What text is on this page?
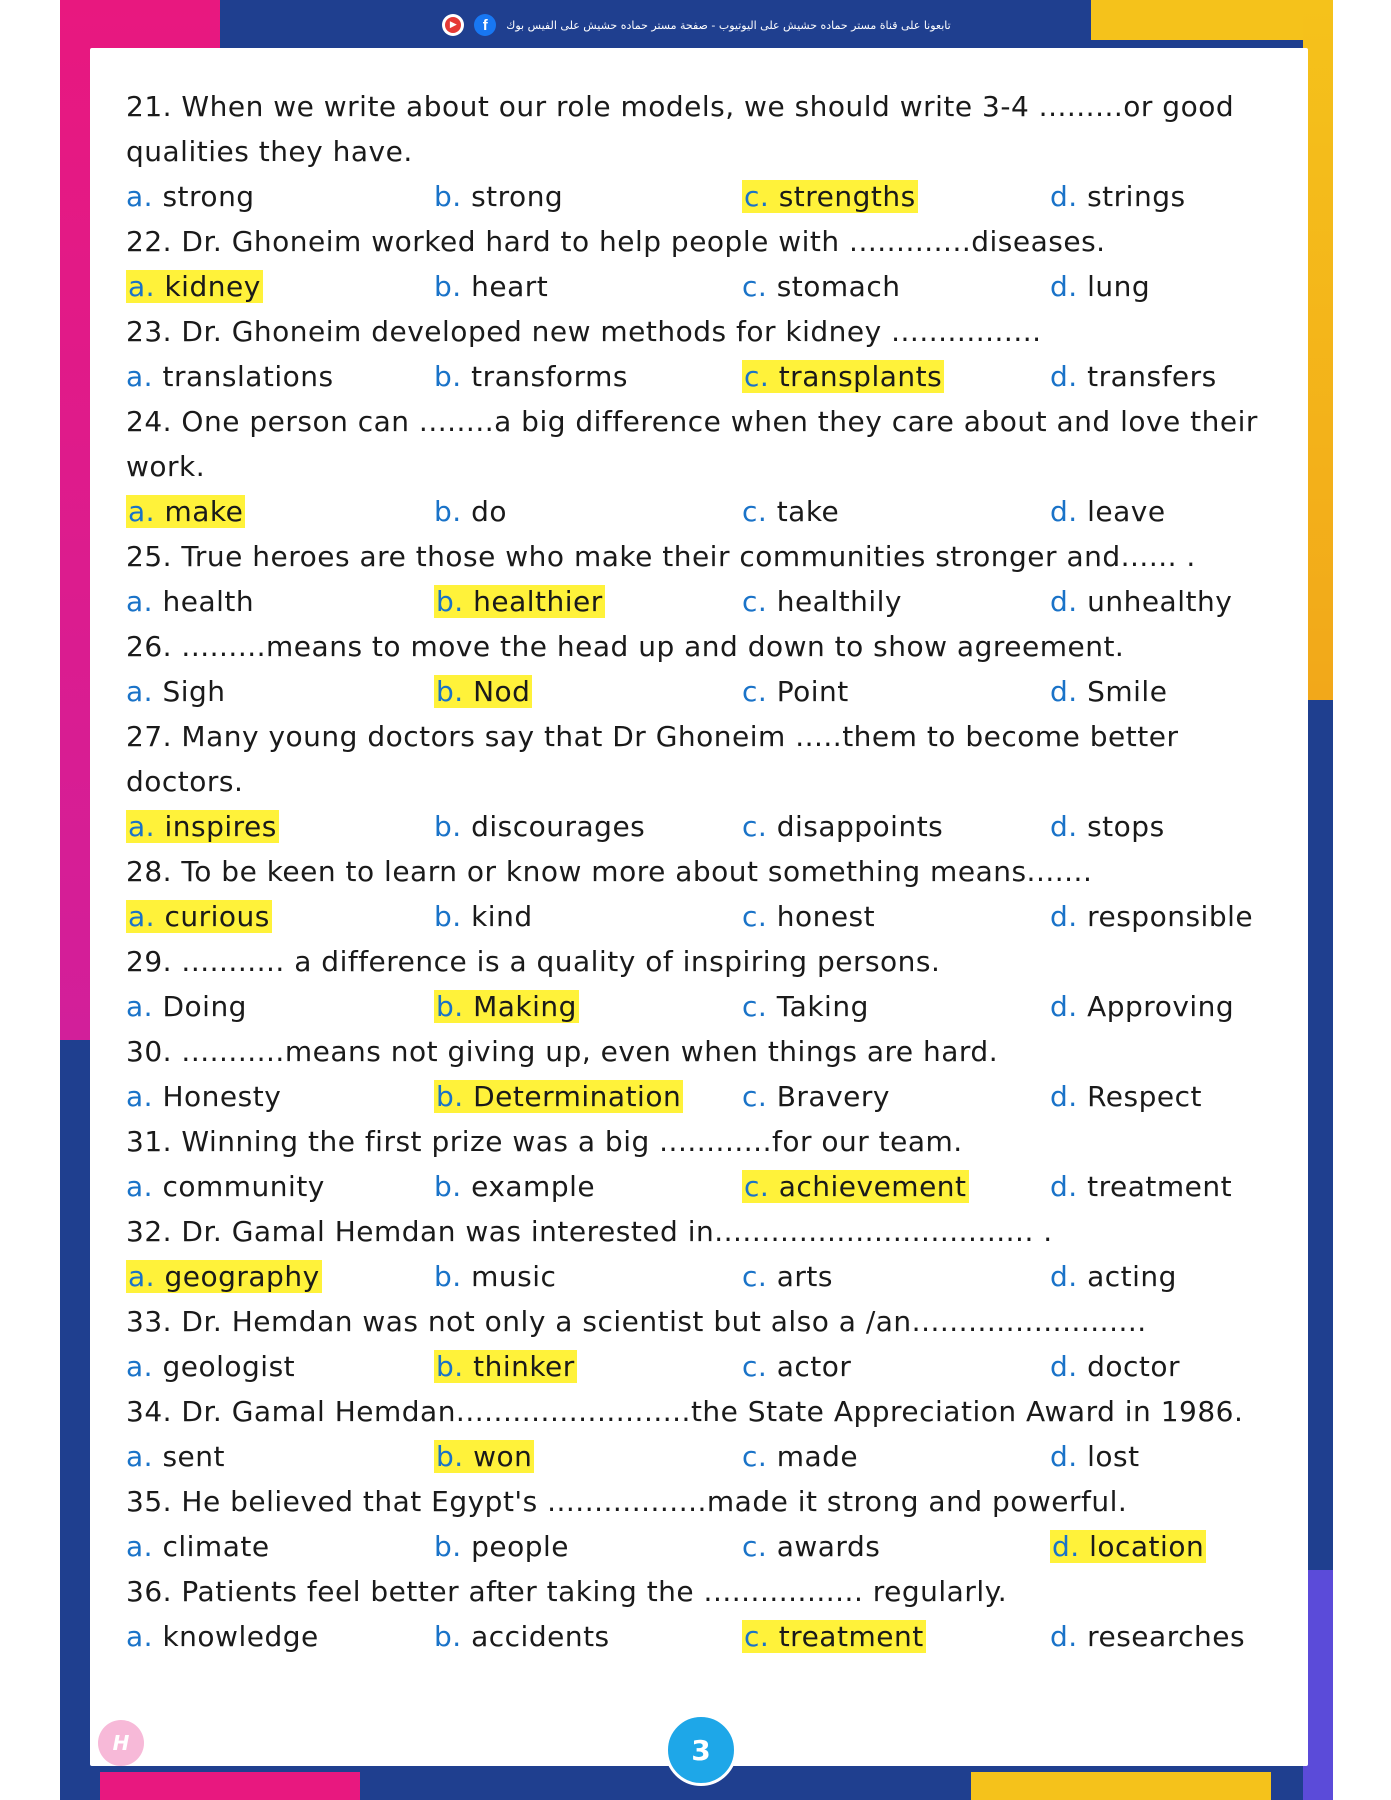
▶	f	تابعونا على قناة مستر حماده حشيش على اليوتيوب - صفحة مستر حماده حشيش على الفيس بوك
21. When we write about our role models, we should write 3-4 .........or good qualities they have.
a. strong	b. strong	c. strengths	d. strings
22. Dr. Ghoneim worked hard to help people with .............diseases.
a. kidney	b. heart	c. stomach	d. lung
23. Dr. Ghoneim developed new methods for kidney ................
a. translations	b. transforms	c. transplants	d. transfers
24. One person can ........a big difference when they care about and love their work.
a. make	b. do	c. take	d. leave
25. True heroes are those who make their communities stronger and...... .
a. health	b. healthier	c. healthily	d. unhealthy
26. .........means to move the head up and down to show agreement.
a. Sigh	b. Nod	c. Point	d. Smile
27. Many young doctors say that Dr Ghoneim .....them to become better doctors.
a. inspires	b. discourages	c. disappoints	d. stops
28. To be keen to learn or know more about something means.......
a. curious	b. kind	c. honest	d. responsible
29. ........... a difference is a quality of inspiring persons.
a. Doing	b. Making	c. Taking	d. Approving
30. ...........means not giving up, even when things are hard.
a. Honesty	b. Determination	c. Bravery	d. Respect
31. Winning the first prize was a big ............for our team.
a. community	b. example	c. achievement	d. treatment
32. Dr. Gamal Hemdan was interested in.................................. .
a. geography	b. music	c. arts	d. acting
33. Dr. Hemdan was not only a scientist but also a /an.........................
a. geologist	b. thinker	c. actor	d. doctor
34. Dr. Gamal Hemdan.........................the State Appreciation Award in 1986.
a. sent	b. won	c. made	d. lost
35. He believed that Egypt's .................made it strong and powerful.
a. climate	b. people	c. awards	d. location
36. Patients feel better after taking the ................. regularly.
a. knowledge	b. accidents	c. treatment	d. researches
H	3
